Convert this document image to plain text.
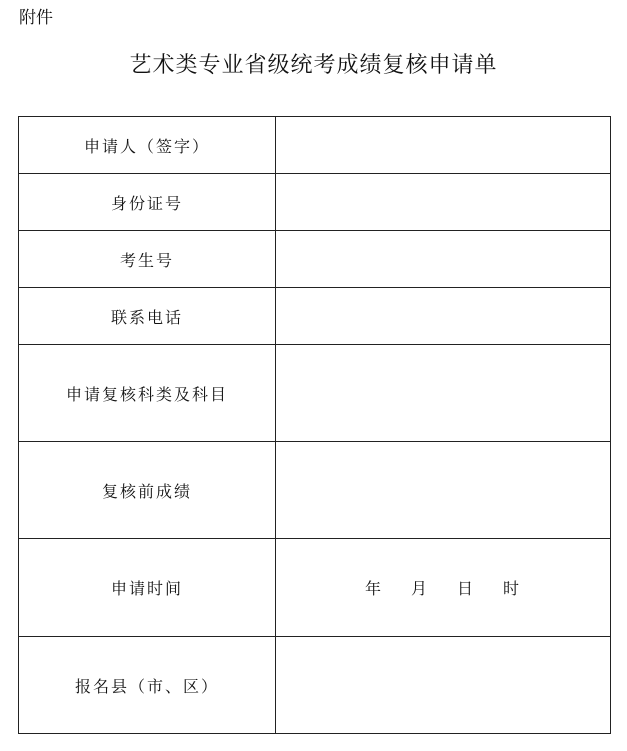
附件
艺术类专业省级统考成绩复核申请单
申请人（签字）	
身份证号	
考生号	
联系电话	
申请复核科类及科目	
复核前成绩	
申请时间	年 月 日 时

报名县（市、区）	
